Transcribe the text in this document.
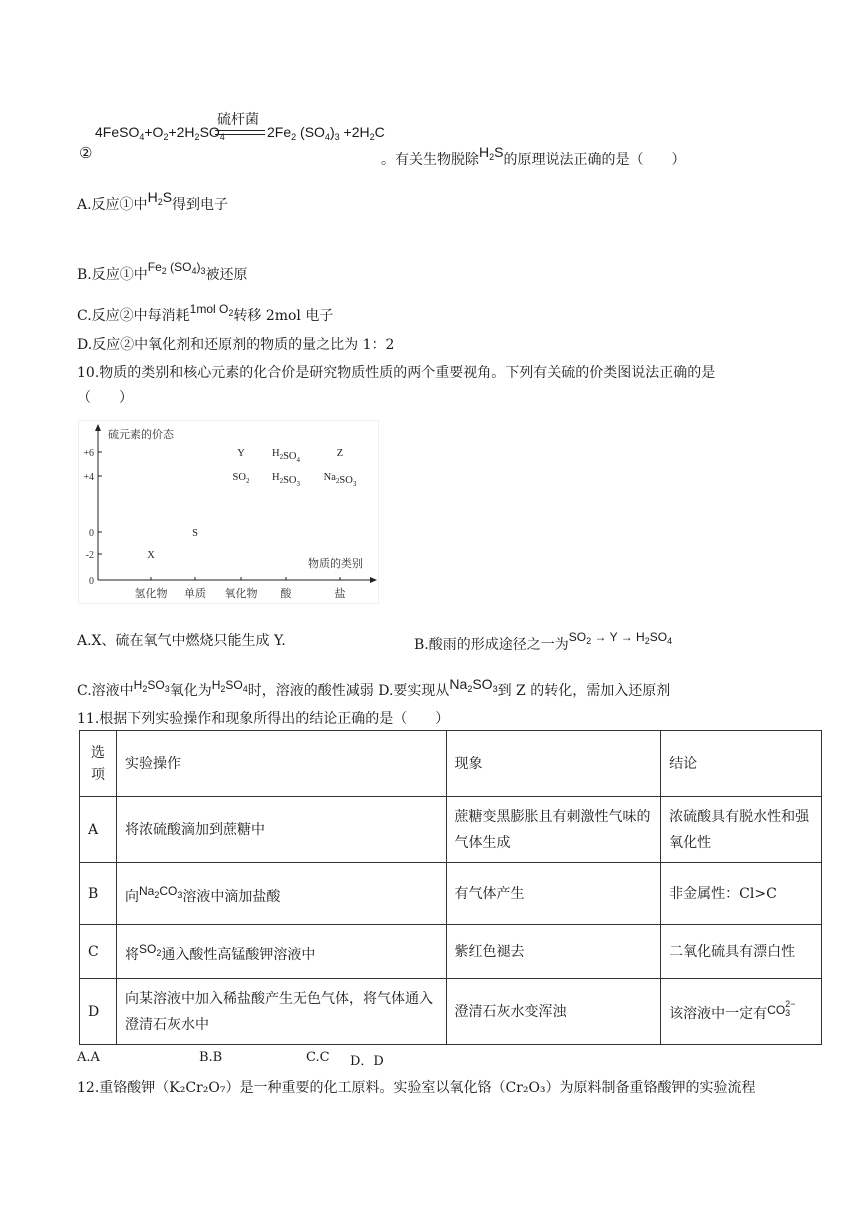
②
$4FeSO_4+O_2+2H_2SO_4$
硫杆菌
$2Fe_2$ $(SO_4)_3 +2H_2C$
。有关生物脱除$H_2S$的原理说法正确的是（　　）
A.反应①中$H_2S$得到电子
B.反应①中$Fe_2$ $(SO_4)_3$被还原
C.反应②中每消耗1mol $O_2$转移 2mol 电子
D.反应②中氧化剂和还原剂的物质的量之比为 1：2
10.物质的类别和核心元素的化合价是研究物质性质的两个重要视角。下列有关硫的价类图说法正确的是
（　　）
硫元素的价态
物质的类别
+6
+4
0
-2
0
氢化物 单质 氧化物 酸	盐
Y	$H_2SO_4$
Z
$SO_2$ $H_2SO_3$
$Na_2SO_3$
S
X
A.X、硫在氧气中燃烧只能生成 Y.	B.酸雨的形成途径之一为$SO_2 \to Y \to H_2SO_4$
C.溶液中$H_2SO_3$氧化为$H_2SO_4$时，溶液的酸性减弱 D.要实现从$Na_2SO_3$到 Z 的转化，需加入还原剂
11.根据下列实验操作和现象所得出的结论正确的是（　　）
选项	实验操作	现象	结论
A	将浓硫酸滴加到蔗糖中	蔗糖变黑膨胀且有刺激性气味的气体生成	浓硫酸具有脱水性和强氧化性
B	向$Na_2CO_3$溶液中滴加盐酸	有气体产生	非金属性：Cl>C
C	将$SO_2$通入酸性高锰酸钾溶液中	紫红色褪去	二氧化硫具有漂白性
D	向某溶液中加入稀盐酸产生无色气体，将气体通入澄清石灰水中	澄清石灰水变浑浊	该溶液中一定有CO 2−
3
A.A	B.B	C.C D．D
12.重铬酸钾（K₂Cr₂O₇）是一种重要的化工原料。实验室以氧化铬（Cr₂O₃）为原料制备重铬酸钾的实验流程
